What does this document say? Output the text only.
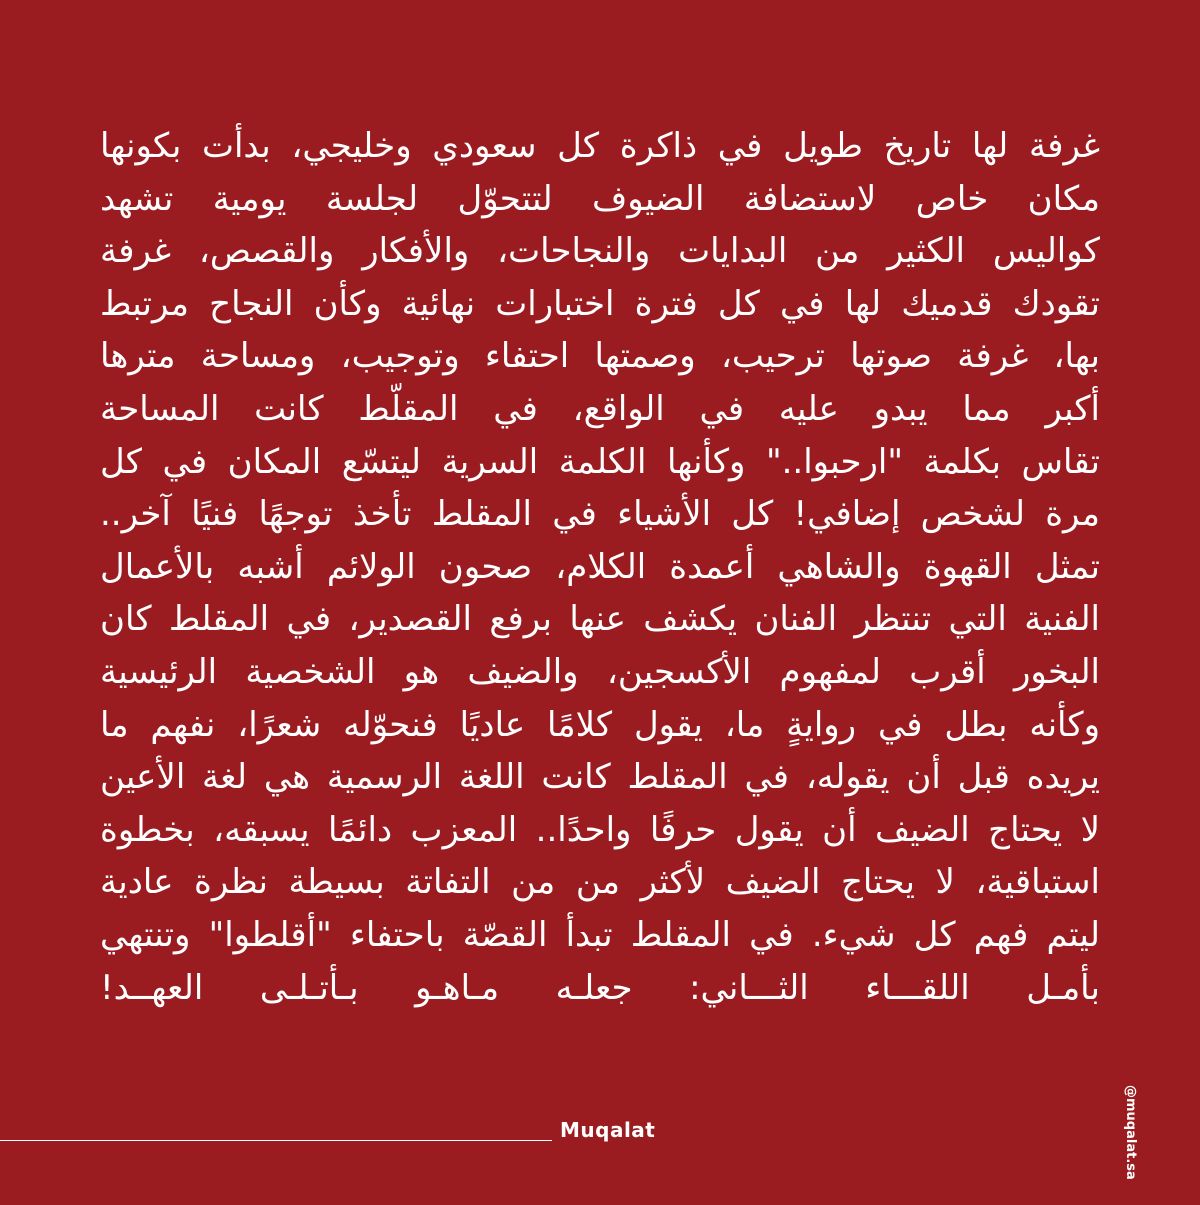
غرفة لها تاريخ طويل في ذاكرة كل سعودي وخليجي، بدأت بكونها
مكان خاص لاستضافة الضيوف لتتحوّل لجلسة يومية تشهد
كواليس الكثير من البدايات والنجاحات، والأفكار والقصص، غرفة
تقودك قدميك لها في كل فترة اختبارات نهائية وكأن النجاح مرتبط
بها، غرفة صوتها ترحيب، وصمتها احتفاء وتوجيب، ومساحة مترها
أكبر مما يبدو عليه في الواقع، في المقلّط كانت المساحة
تقاس بكلمة "ارحبوا.." وكأنها الكلمة السرية ليتسّع المكان في كل
مرة لشخص إضافي! كل الأشياء في المقلط تأخذ توجهًا فنيًا آخر..
تمثل القهوة والشاهي أعمدة الكلام، صحون الولائم أشبه بالأعمال
الفنية التي تنتظر الفنان يكشف عنها برفع القصدير، في المقلط كان
البخور أقرب لمفهوم الأكسجين، والضيف هو الشخصية الرئيسية
وكأنه بطل في روايةٍ ما، يقول كلامًا عاديًا فنحوّله شعرًا، نفهم ما
يريده قبل أن يقوله، في المقلط كانت اللغة الرسمية هي لغة الأعين
لا يحتاج الضيف أن يقول حرفًا واحدًا.. المعزب دائمًا يسبقه، بخطوة
استباقية، لا يحتاج الضيف لأكثر من من التفاتة بسيطة نظرة عادية
ليتم فهم كل شيء. في المقلط تبدأ القصّة باحتفاء "أقلطوا" وتنتهي
بأمـل اللقـــاء الثـــاني: جعلـه مـاهـو بـأتـلـى العهــد!
Muqalat	@muqalat.sa
